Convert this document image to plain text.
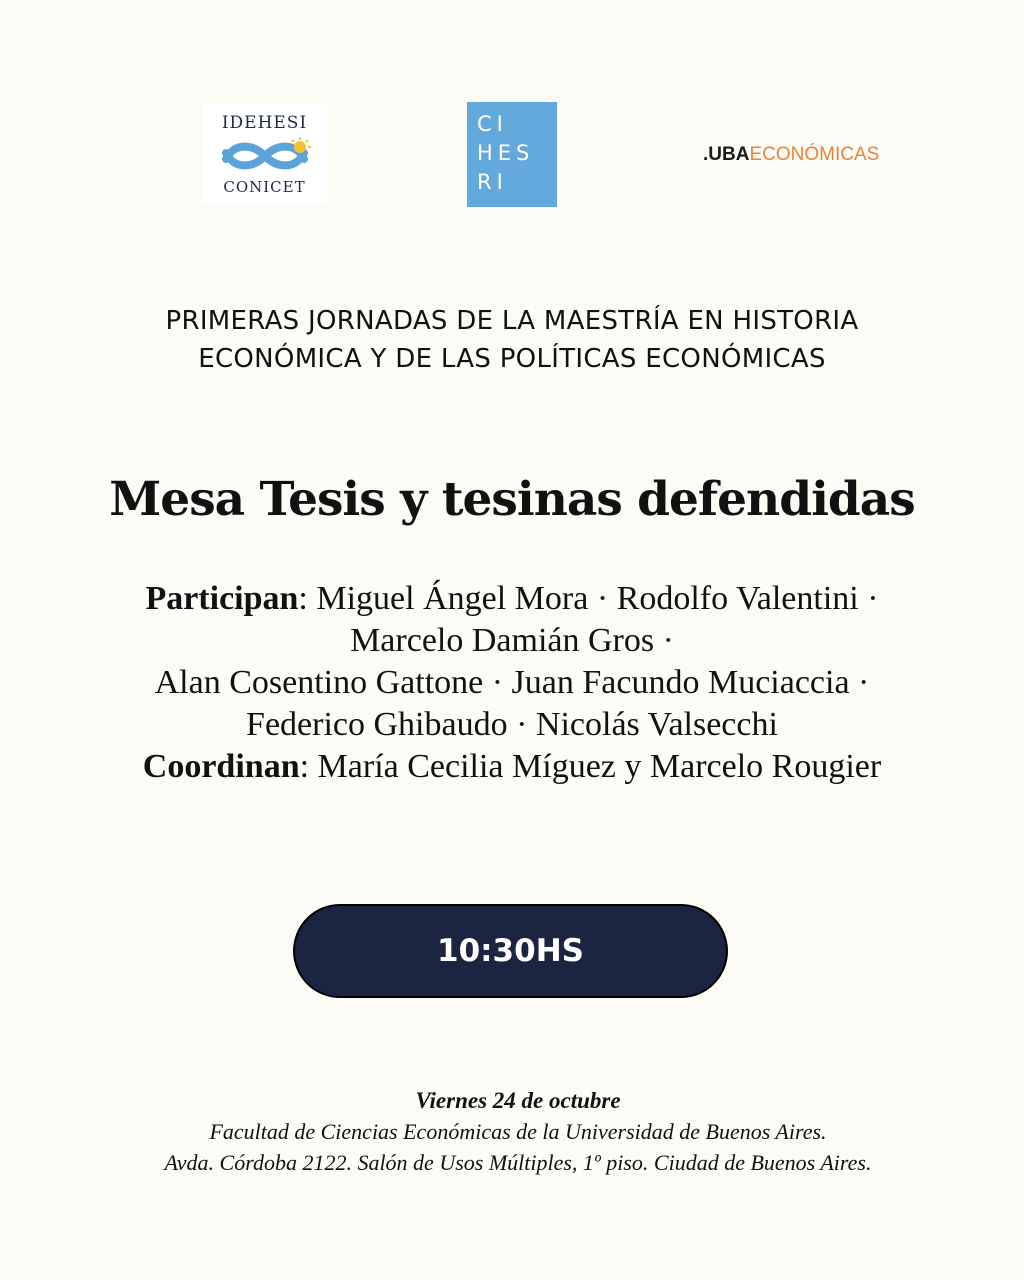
IDEHESI
CONICET
CI
HES
RI
.UBAECONÓMICAS
PRIMERAS JORNADAS DE LA MAESTRÍA EN HISTORIA
ECONÓMICA Y DE LAS POLÍTICAS ECONÓMICAS
Mesa Tesis y tesinas defendidas
Participan: Miguel Ángel Mora · Rodolfo Valentini ·
Marcelo Damián Gros ·
Alan Cosentino Gattone · Juan Facundo Muciaccia ·
Federico Ghibaudo · Nicolás Valsecchi
Coordinan: María Cecilia Míguez y Marcelo Rougier
10:30HS
Viernes 24 de octubre
Facultad de Ciencias Económicas de la Universidad de Buenos Aires.
Avda. Córdoba 2122. Salón de Usos Múltiples, 1º piso. Ciudad de Buenos Aires.
